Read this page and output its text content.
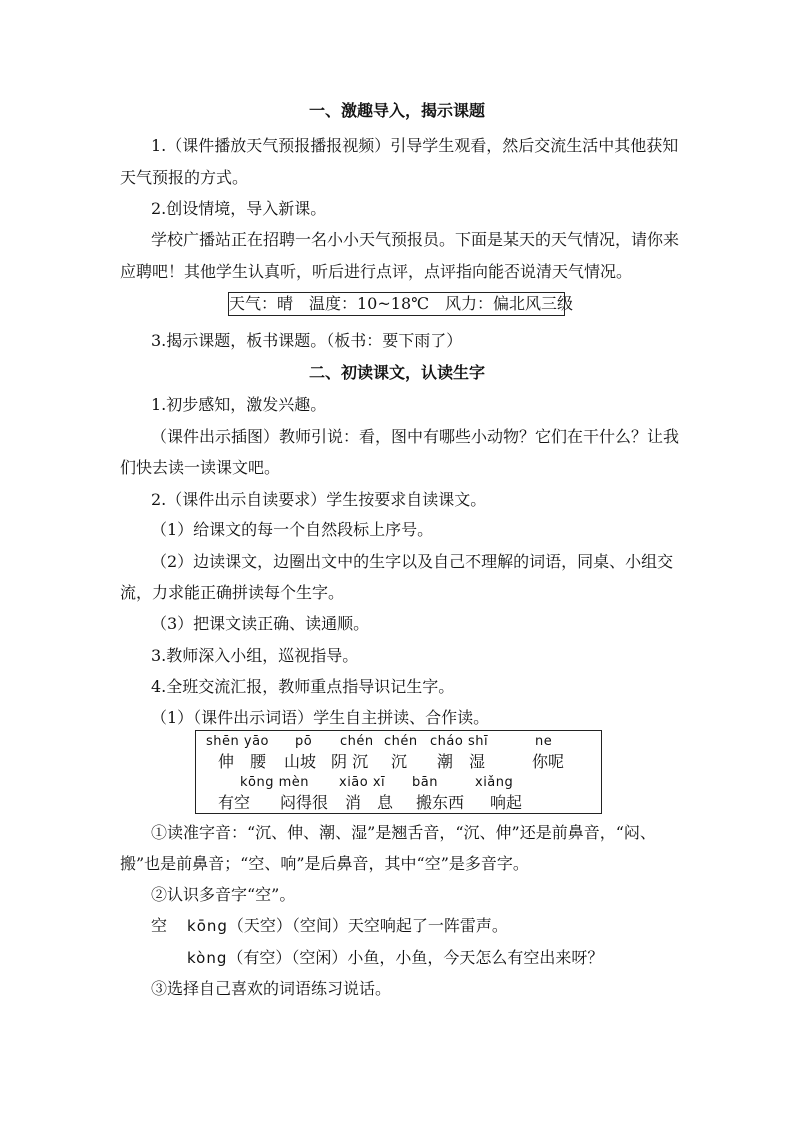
一、激趣导入，揭示课题
1.（课件播放天气预报播报视频）引导学生观看，然后交流生活中其他获知
天气预报的方式。
2.创设情境，导入新课。
学校广播站正在招聘一名小小天气预报员。下面是某天的天气情况，请你来
应聘吧！其他学生认真听，听后进行点评，点评指向能否说清天气情况。
天气：晴　温度：10~18℃　风力：偏北风三级
3.揭示课题，板书课题。（板书：要下雨了）
二、初读课文，认读生字
1.初步感知，激发兴趣。
（课件出示插图）教师引说：看，图中有哪些小动物？它们在干什么？让我
们快去读一读课文吧。
2.（课件出示自读要求）学生按要求自读课文。
（1）给课文的每一个自然段标上序号。
（2）边读课文，边圈出文中的生字以及自己不理解的词语，同桌、小组交
流，力求能正确拼读每个生字。
（3）把课文读正确、读通顺。
3.教师深入小组，巡视指导。
4.全班交流汇报，教师重点指导识记生字。
（1）（课件出示词语）学生自主拼读、合作读。
shēn yāo pō chén chén cháo shī	ne
伸　腰 山坡 阴 沉 沉 潮　湿	你呢
kōng mèn xiāo xī bān	xiǎng
有空 闷得很 消　息 搬东西 响起
①读准字音：“沉、伸、潮、湿”是翘舌音，“沉、伸”还是前鼻音，“闷、
搬”也是前鼻音；“空、响”是后鼻音，其中“空”是多音字。
②认识多音字“空”。
空 kōng（天空）（空间）天空响起了一阵雷声。
kòng（有空）（空闲）小鱼，小鱼，今天怎么有空出来呀？
③选择自己喜欢的词语练习说话。
